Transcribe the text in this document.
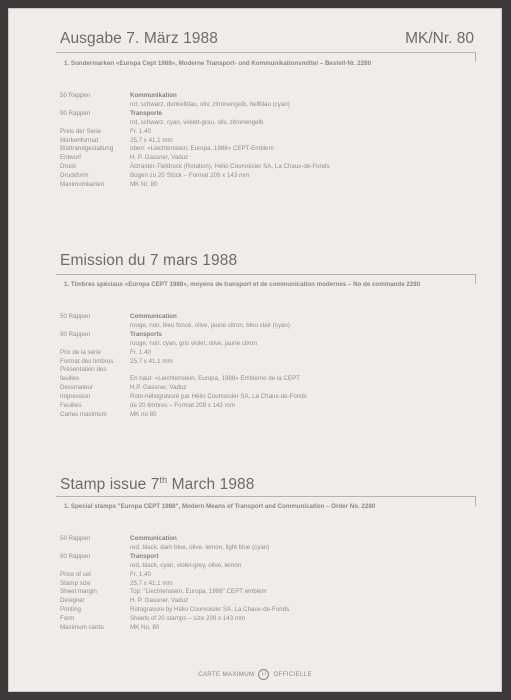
Ausgabe 7. März 1988	MK/Nr. 80
1. Sondermarken «Europa Cept 1988», Moderne Transport- und Kommunikationsmittel – Bestell-Nr. 2280
50 Rappen	Kommunikation
rot, schwarz, dunkelblau, oliv, zitronengelb, hellblau (cyan)
90 Rappen	Transporte
rot, schwarz, cyan, violett-grau, oliv, zitronengelb
Preis der Serie	Fr. 1.40
Markenformat	25,7 x 41,1 mm
Blattrandgestaltung	oben: «Liechtenstein, Europa, 1988» CEPT-Emblem
Entwurf	H. P. Gassner, Vaduz
Druck	Ätzraster-Tiefdruck (Rotation), Hélio Courvoisier SA, La Chaux-de-Fonds
Druckform	Bogen zu 20 Stück – Format 209 x 143 mm
Maximumkarten	MK Nr. 80
Emission du 7 mars 1988
1. Timbres spéciaux «Europa CEPT 1988», moyens de transport et de communication modernes – No de commande 2280
50 Rappen	Communication
rouge, noir, bleu foncé, olive, jaune citron, bleu clair (cyan)
90 Rappen	Transports
rouge, noir, cyan, gris violet, olive, jaune citron
Prix de la série	Fr. 1.40
Format des timbres	25,7 x 41,1 mm
Présentation des
feuilles	En haut: «Liechtenstein, Europa, 1988» Emblème de la CEPT
Dessinateur	H.P. Gassner, Vaduz
Impression	Roto-héliogravuré par Hélio Courvoisier SA, La Chaux-de-Fonds
Feuilles	de 20 timbres – Format 209 x 143 mm
Cartes maximum	MK no 80
Stamp issue 7th March 1988
1. Special stamps "Europa CEPT 1988", Modern Means of Transport and Communication – Order No. 2280
50 Rappen	Communication
red, black, dark blue, olive, lemon, light blue (cyan)
90 Rappen	Transport
red, black, cyan, violet-grey, olive, lemon
Price of set	Fr. 1.40
Stamp size	25,7 x 41,1 mm
Sheet margin	Top: "Liechtenstein, Europa, 1988" CEPT emblem
Designer	H. P. Gassner, Vaduz
Printing	Rotogravure by Hélio Courvoisier SA, La Chaux-de-Fonds
Form	Sheets of 20 stamps – size 209 x 143 mm
Maximum cards	MK No. 80
CARTE MAXIMUM LI OFFICIELLE
